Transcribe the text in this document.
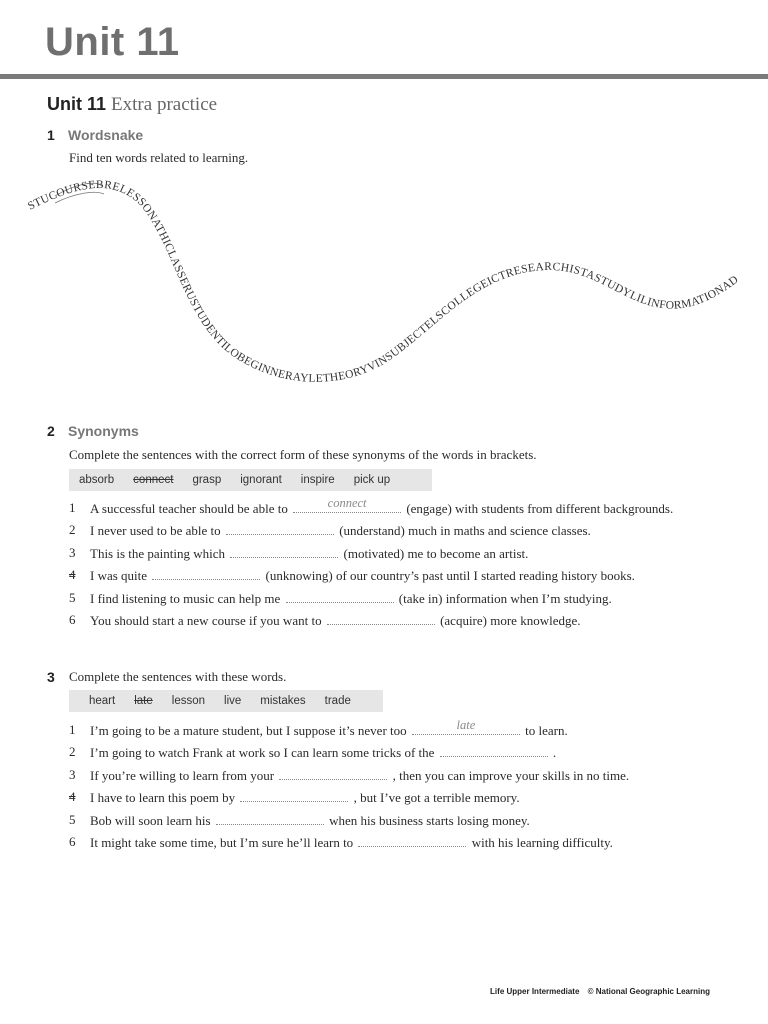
Unit 11
Unit 11 Extra practice
1 Wordsnake
Find ten words related to learning.
STUCOURSEBRELESSONATHICLASSERUSTUDENTILOBEGINNERAYLETHEORYVINSUBJECTELSCOLLEGEICTRESEARCHISTASTUDYLILINFORMATIONAD
2 Synonyms
Complete the sentences with the correct form of these synonyms of the words in brackets.
absorb connect grasp ignorant inspire pick up
1 A successful teacher should be able to	connect	(engage) with students from different backgrounds.
2 I never used to be able to	(understand) much in maths and science classes.
3 This is the painting which	(motivated) me to become an artist.
4 I was quite	(unknowing) of our country’s past until I started reading history books.
5 I find listening to music can help me	(take in) information when I’m studying.
6 You should start a new course if you want to	(acquire) more knowledge.
3 Complete the sentences with these words.
heart late lesson live mistakes trade
1 I’m going to be a mature student, but I suppose it’s never too	late	to learn.
2 I’m going to watch Frank at work so I can learn some tricks of the	.
3 If you’re willing to learn from your	, then you can improve your skills in no time.
4 I have to learn this poem by	, but I’ve got a terrible memory.
5 Bob will soon learn his	when his business starts losing money.
6 It might take some time, but I’m sure he’ll learn to	with his learning difficulty.
Life Upper Intermediate © National Geographic Learning
